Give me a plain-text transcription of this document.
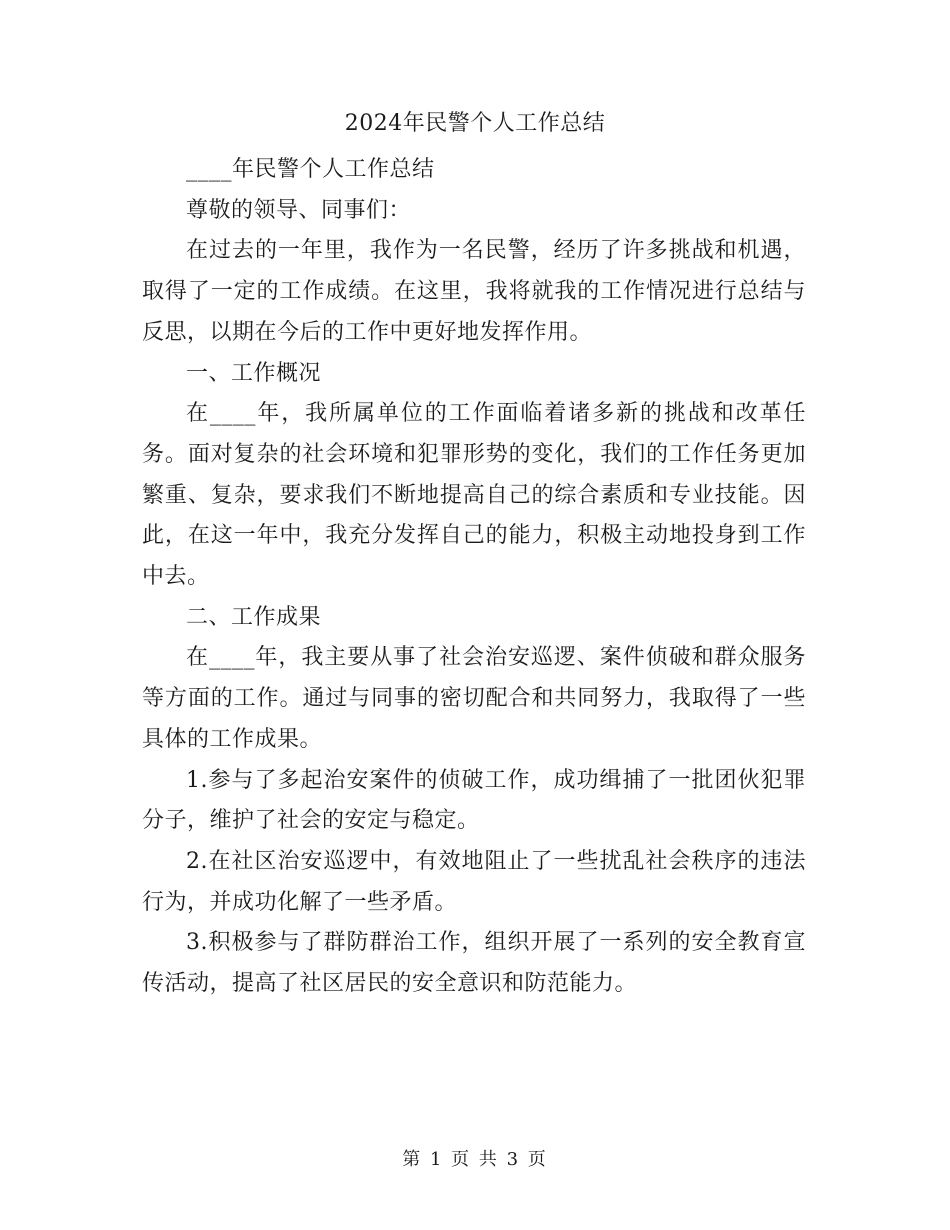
2024年民警个人工作总结

____年民警个人工作总结

尊敬的领导、同事们：

在过去的一年里，我作为一名民警，经历了许多挑战和机遇，取得了一定的工作成绩。在这里，我将就我的工作情况进行总结与反思，以期在今后的工作中更好地发挥作用。

一、工作概况

在____年，我所属单位的工作面临着诸多新的挑战和改革任务。面对复杂的社会环境和犯罪形势的变化，我们的工作任务更加繁重、复杂，要求我们不断地提高自己的综合素质和专业技能。因此，在这一年中，我充分发挥自己的能力，积极主动地投身到工作中去。

二、工作成果

在____年，我主要从事了社会治安巡逻、案件侦破和群众服务等方面的工作。通过与同事的密切配合和共同努力，我取得了一些具体的工作成果。

1.参与了多起治安案件的侦破工作，成功缉捕了一批团伙犯罪分子，维护了社会的安定与稳定。

2.在社区治安巡逻中，有效地阻止了一些扰乱社会秩序的违法行为，并成功化解了一些矛盾。

3.积极参与了群防群治工作，组织开展了一系列的安全教育宣传活动，提高了社区居民的安全意识和防范能力。

第 1 页 共 3 页
